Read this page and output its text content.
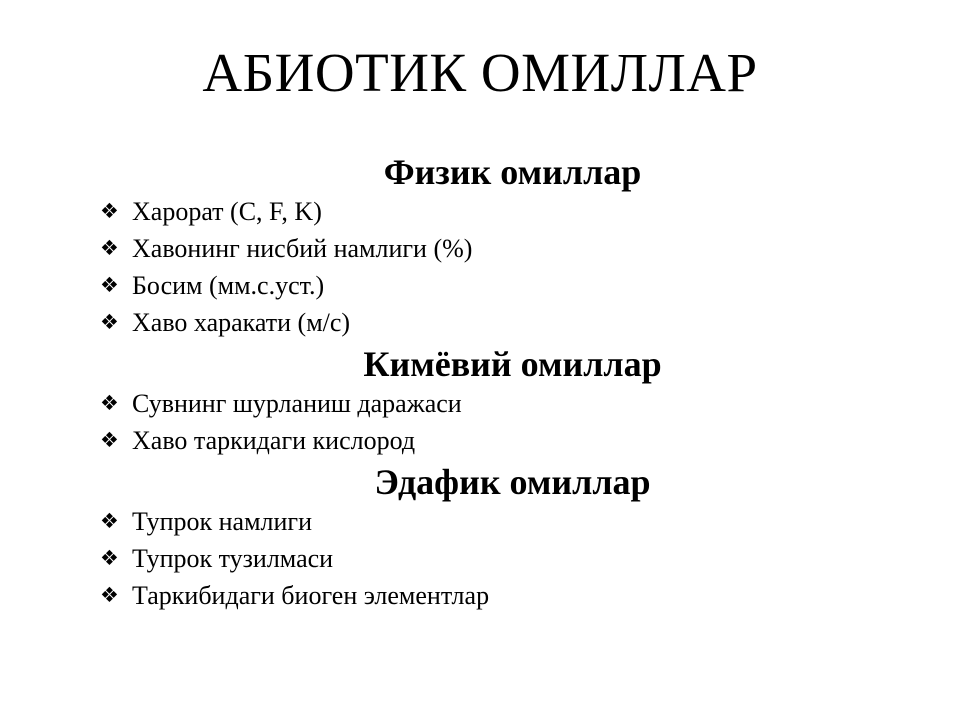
АБИОТИК ОМИЛЛАР
Физик омиллар
❖ Харорат (С, F, K)
❖ Хавонинг нисбий намлиги (%)
❖ Босим (мм.с.уст.)
❖ Хаво харакати (м/с)
Кимёвий омиллар
❖ Сувнинг шурланиш даражаси
❖ Хаво таркидаги кислород
Эдафик омиллар
❖ Тупрок намлиги
❖ Тупрок тузилмаси
❖ Таркибидаги биоген элементлар
